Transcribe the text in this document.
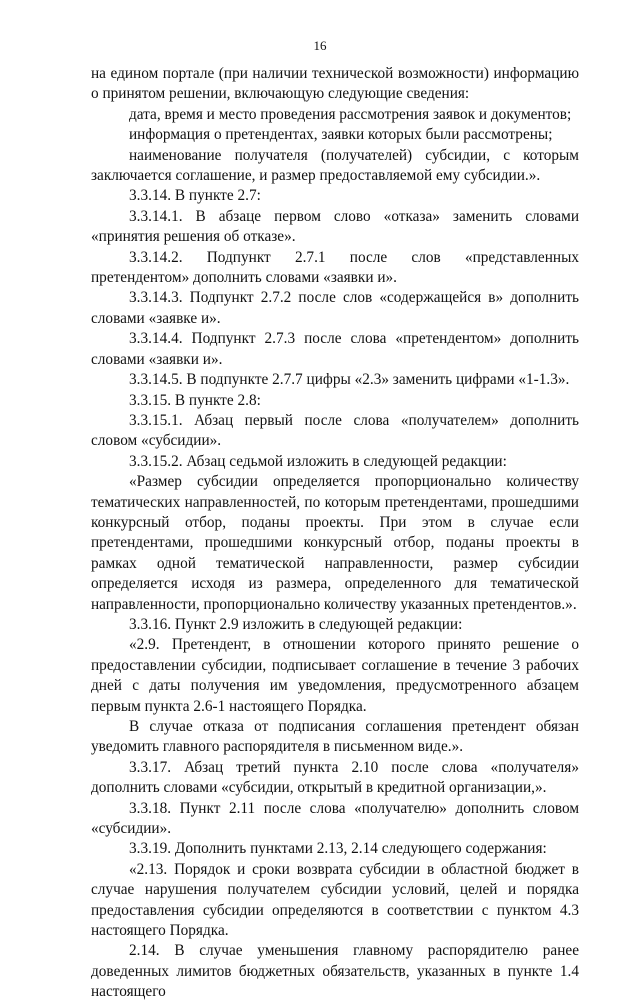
16

на едином портале (при наличии технической возможности) информацию о принятом решении, включающую следующие сведения:

дата, время и место проведения рассмотрения заявок и документов;

информация о претендентах, заявки которых были рассмотрены;

наименование получателя (получателей) субсидии, с которым заключается соглашение, и размер предоставляемой ему субсидии.».

3.3.14. В пункте 2.7:

3.3.14.1. В абзаце первом слово «отказа» заменить словами «принятия решения об отказе».

3.3.14.2. Подпункт 2.7.1 после слов «представленных претендентом» дополнить словами «заявки и».

3.3.14.3. Подпункт 2.7.2 после слов «содержащейся в» дополнить словами «заявке и».

3.3.14.4. Подпункт 2.7.3 после слова «претендентом» дополнить словами «заявки и».

3.3.14.5. В подпункте 2.7.7 цифры «2.3» заменить цифрами «1-1.3».

3.3.15. В пункте 2.8:

3.3.15.1. Абзац первый после слова «получателем» дополнить словом «субсидии».

3.3.15.2. Абзац седьмой изложить в следующей редакции:

«Размер субсидии определяется пропорционально количеству тематических направленностей, по которым претендентами, прошедшими конкурсный отбор, поданы проекты. При этом в случае если претендентами, прошедшими конкурсный отбор, поданы проекты в рамках одной тематической направленности, размер субсидии определяется исходя из размера, определенного для тематической направленности, пропорционально количеству указанных претендентов.».

3.3.16. Пункт 2.9 изложить в следующей редакции:

«2.9. Претендент, в отношении которого принято решение о предоставлении субсидии, подписывает соглашение в течение 3 рабочих дней с даты получения им уведомления, предусмотренного абзацем первым пункта 2.6-1 настоящего Порядка.

В случае отказа от подписания соглашения претендент обязан уведомить главного распорядителя в письменном виде.».

3.3.17. Абзац третий пункта 2.10 после слова «получателя» дополнить словами «субсидии, открытый в кредитной организации,».

3.3.18. Пункт 2.11 после слова «получателю» дополнить словом «субсидии».

3.3.19. Дополнить пунктами 2.13, 2.14 следующего содержания:

«2.13. Порядок и сроки возврата субсидии в областной бюджет в случае нарушения получателем субсидии условий, целей и порядка предоставления субсидии определяются в соответствии с пунктом 4.3 настоящего Порядка.

2.14. В случае уменьшения главному распорядителю ранее доведенных лимитов бюджетных обязательств, указанных в пункте 1.4 настоящего
